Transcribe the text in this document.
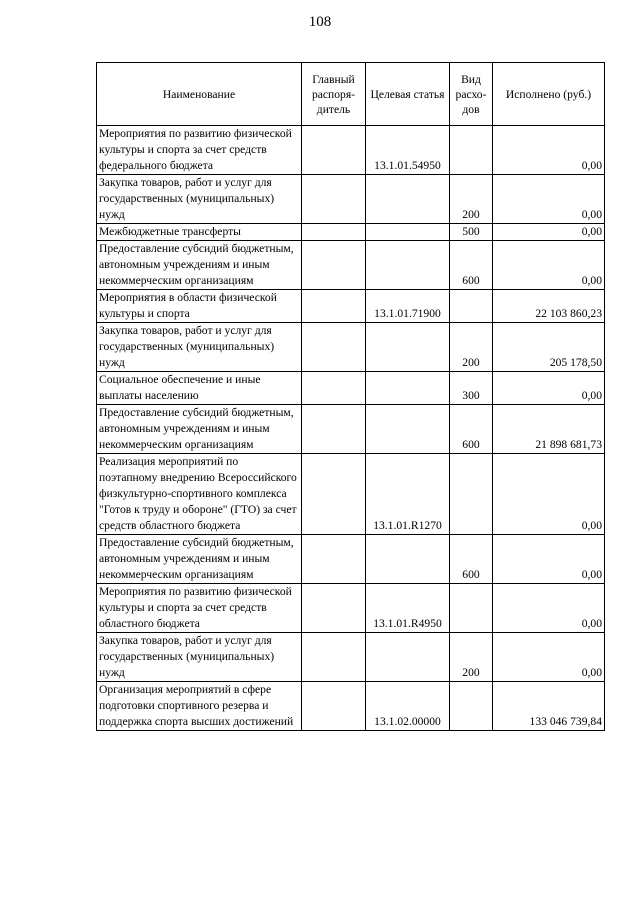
108
Наименование	Главный распоря-дитель	Целевая статья	Вид расхо-дов	Исполнено (руб.)

Мероприятия по развитию физической культуры и спорта за счет средств федерального бюджета		13.1.01.54950		0,00

Закупка товаров, работ и услуг для государственных (муниципальных) нужд			200	0,00

Межбюджетные трансферты			500	0,00

Предоставление субсидий бюджетным, автономным учреждениям и иным некоммерческим организациям			600	0,00

Мероприятия в области физической культуры и спорта		13.1.01.71900		22 103 860,23

Закупка товаров, работ и услуг для государственных (муниципальных) нужд			200	205 178,50

Социальное обеспечение и иные выплаты населению			300	0,00

Предоставление субсидий бюджетным, автономным учреждениям и иным некоммерческим организациям			600	21 898 681,73

Реализация мероприятий по поэтапному внедрению Всероссийского физкультурно-спортивного комплекса "Готов к труду и обороне" (ГТО) за счет средств областного бюджета		13.1.01.R1270		0,00

Предоставление субсидий бюджетным, автономным учреждениям и иным некоммерческим организациям			600	0,00

Мероприятия по развитию физической культуры и спорта за счет средств областного бюджета		13.1.01.R4950		0,00

Закупка товаров, работ и услуг для государственных (муниципальных) нужд			200	0,00

Организация мероприятий в сфере подготовки спортивного резерва и поддержка спорта высших достижений		13.1.02.00000		133 046 739,84
